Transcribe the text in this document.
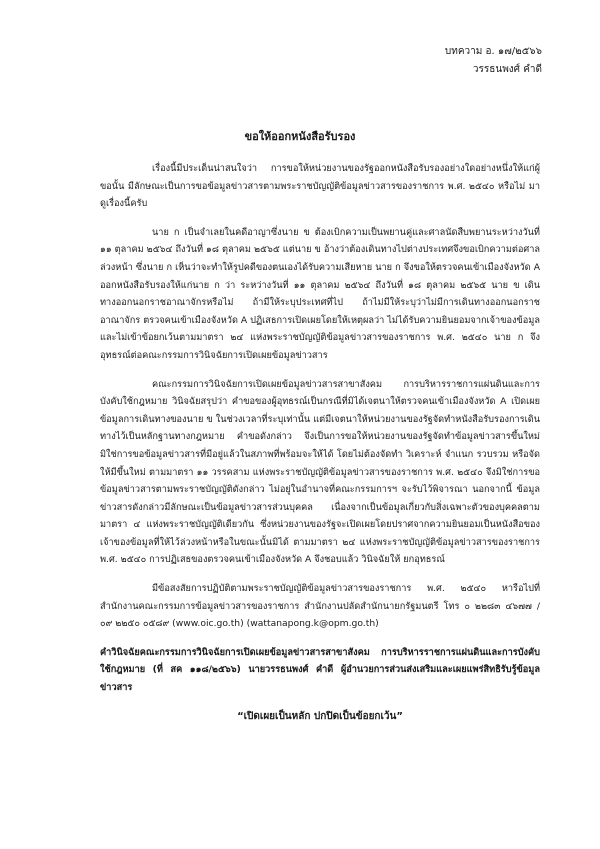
บทความ อ. ๑๗/๒๕๖๖
วรรธนพงศ์ คำดี
ขอให้ออกหนังสือรับรอง

เรื่องนี้มีประเด็นน่าสนใจว่า การขอให้หน่วยงานของรัฐออกหนังสือรับรองอย่างใดอย่างหนึ่งให้แก่ผู้ขอนั้น มีลักษณะเป็นการขอข้อมูลข่าวสารตามพระราชบัญญัติข้อมูลข่าวสารของราชการ พ.ศ. ๒๕๔๐ หรือไม่ มาดูเรื่องนี้ครับ

นาย ก เป็นจำเลยในคดีอาญาซึ่งนาย ข ต้องเบิกความเป็นพยานคู่และศาลนัดสืบพยานระหว่างวันที่ ๑๑ ตุลาคม ๒๕๖๔ ถึงวันที่ ๑๘ ตุลาคม ๒๕๖๕ แต่นาย ข อ้างว่าต้องเดินทางไปต่างประเทศจึงขอเบิกความต่อศาลล่วงหน้า ซึ่งนาย ก เห็นว่าจะทำให้รูปคดีของตนเองได้รับความเสียหาย นาย ก จึงขอให้ตรวจคนเข้าเมืองจังหวัด A ออกหนังสือรับรองให้แก่นาย ก ว่า ระหว่างวันที่ ๑๑ ตุลาคม ๒๕๖๔ ถึงวันที่ ๑๘ ตุลาคม ๒๕๖๕ นาย ข เดินทางออกนอกราชอาณาจักรหรือไม่ ถ้ามีให้ระบุประเทศที่ไป ถ้าไม่มีให้ระบุว่าไม่มีการเดินทางออกนอกราชอาณาจักร ตรวจคนเข้าเมืองจังหวัด A ปฏิเสธการเปิดเผยโดยให้เหตุผลว่า ไม่ได้รับความยินยอมจากเจ้าของข้อมูลและไม่เข้าข้อยกเว้นตามมาตรา ๒๔ แห่งพระราชบัญญัติข้อมูลข่าวสารของราชการ พ.ศ. ๒๕๔๐ นาย ก จึงอุทธรณ์ต่อคณะกรรมการวินิจฉัยการเปิดเผยข้อมูลข่าวสาร

คณะกรรมการวินิจฉัยการเปิดเผยข้อมูลข่าวสารสาขาสังคม การบริหารราชการแผ่นดินและการบังคับใช้กฎหมาย วินิจฉัยสรุปว่า คำขอของผู้อุทธรณ์เป็นกรณีที่มิได้เจตนาให้ตรวจคนเข้าเมืองจังหวัด A เปิดเผยข้อมูลการเดินทางของนาย ข ในช่วงเวลาที่ระบุเท่านั้น แต่มีเจตนาให้หน่วยงานของรัฐจัดทำหนังสือรับรองการเดินทางไว้เป็นหลักฐานทางกฎหมาย คำขอดังกล่าว จึงเป็นการขอให้หน่วยงานของรัฐจัดทำข้อมูลข่าวสารขึ้นใหม่ มิใช่การขอข้อมูลข่าวสารที่มีอยู่แล้วในสภาพที่พร้อมจะให้ได้ โดยไม่ต้องจัดทำ วิเคราะห์ จำแนก รวบรวม หรือจัดให้มีขึ้นใหม่ ตามมาตรา ๑๑ วรรคสาม แห่งพระราชบัญญัติข้อมูลข่าวสารของราชการ พ.ศ. ๒๕๔๐ จึงมิใช่การขอข้อมูลข่าวสารตามพระราชบัญญัติดังกล่าว ไม่อยู่ในอำนาจที่คณะกรรมการฯ จะรับไว้พิจารณา นอกจากนี้ ข้อมูลข่าวสารดังกล่าวมีลักษณะเป็นข้อมูลข่าวสารส่วนบุคคล เนื่องจากเป็นข้อมูลเกี่ยวกับสิ่งเฉพาะตัวของบุคคลตามมาตรา ๔ แห่งพระราชบัญญัติเดียวกัน ซึ่งหน่วยงานของรัฐจะเปิดเผยโดยปราศจากความยินยอมเป็นหนังสือของเจ้าของข้อมูลที่ให้ไว้ล่วงหน้าหรือในขณะนั้นมิได้ ตามมาตรา ๒๔ แห่งพระราชบัญญัติข้อมูลข่าวสารของราชการ พ.ศ. ๒๕๔๐ การปฏิเสธของตรวจคนเข้าเมืองจังหวัด A จึงชอบแล้ว วินิจฉัยให้ ยกอุทธรณ์

มีข้อสงสัยการปฏิบัติตามพระราชบัญญัติข้อมูลข่าวสารของราชการ พ.ศ. ๒๕๔๐ หารือไปที่สำนักงานคณะกรรมการข้อมูลข่าวสารของราชการ สำนักงานปลัดสำนักนายกรัฐมนตรี โทร ๐ ๒๒๘๓ ๔๖๗๗ / ๐๙ ๒๒๕๐ ๐๕๘๙ (www.oic.go.th) (wattanapong.k@opm.go.th)

คำวินิจฉัยคณะกรรมการวินิจฉัยการเปิดเผยข้อมูลข่าวสารสาขาสังคม การบริหารราชการแผ่นดินและการบังคับใช้กฎหมาย (ที่ สค ๑๑๘/๒๕๖๖) นายวรรธนพงศ์ คำดี ผู้อำนวยการส่วนส่งเสริมและเผยแพร่สิทธิรับรู้ข้อมูลข่าวสาร

“เปิดเผยเป็นหลัก ปกปิดเป็นข้อยกเว้น”
